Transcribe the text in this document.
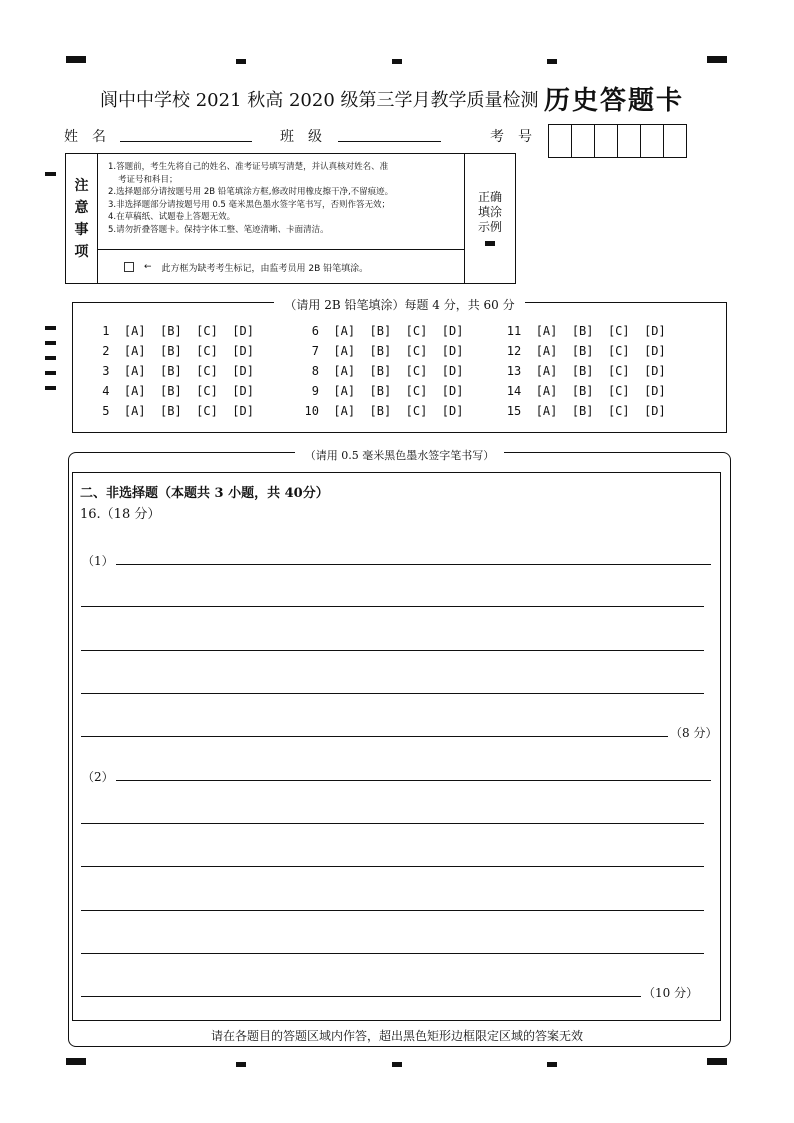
阆中中学校 2021 秋高 2020 级第三学月教学质量检测 历史答题卡
姓　名	班　级	考　号
注
意
事
项

1.答题前，考生先将自己的姓名、准考证号填写清楚，并认真核对姓名、准

考证号和科目；

2.选择题部分请按题号用 2B 铅笔填涂方框,修改时用橡皮擦干净,不留痕迹。

3.非选择题部分请按题号用 0.5 毫米黑色墨水签字笔书写，否则作答无效；

4.在草稿纸、试题卷上答题无效。

5.请勿折叠答题卡。保持字体工整、笔迹清晰、卡面清洁。

← 此方框为缺考考生标记，由监考员用 2B 铅笔填涂。
正确
填涂
示例
（请用 2B 铅笔填涂）每题 4 分，共 60 分
1  [A]  [B]  [C]  [D]        6  [A]  [B]  [C]  [D]      11  [A]  [B]  [C]  [D]
2  [A]  [B]  [C]  [D]        7  [A]  [B]  [C]  [D]      12  [A]  [B]  [C]  [D]
3  [A]  [B]  [C]  [D]        8  [A]  [B]  [C]  [D]      13  [A]  [B]  [C]  [D]
4  [A]  [B]  [C]  [D]        9  [A]  [B]  [C]  [D]      14  [A]  [B]  [C]  [D]
5  [A]  [B]  [C]  [D]       10  [A]  [B]  [C]  [D]      15  [A]  [B]  [C]  [D]
（请用 0.5 毫米黑色墨水签字笔书写）
二、非选择题（本题共 3 小题，共 40分）
16.（18 分）
（1）
（8 分）
（2）
（10 分）
请在各题目的答题区域内作答，超出黑色矩形边框限定区域的答案无效
